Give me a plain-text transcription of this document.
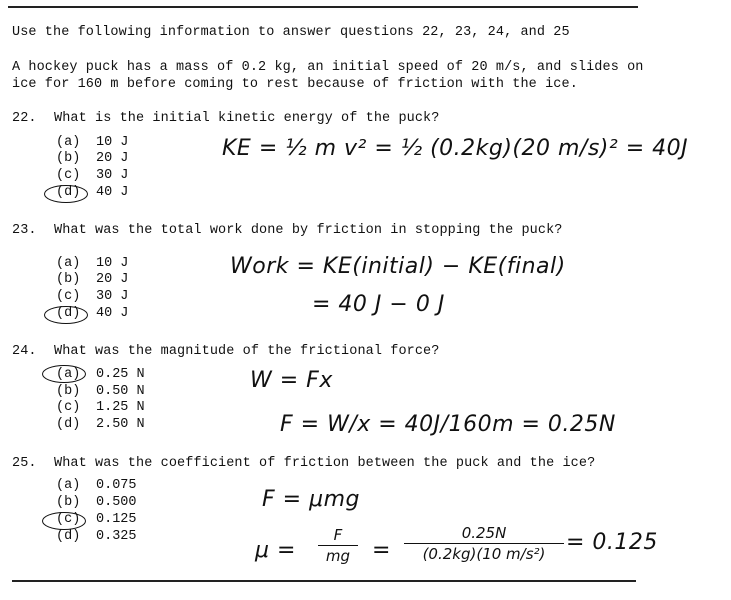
Use the following information to answer questions 22, 23, 24, and 25
A hockey puck has a mass of 0.2 kg, an initial speed of 20 m/s, and slides on
ice for 160 m before coming to rest because of friction with the ice.
22. What is the initial kinetic energy of the puck?
(a) 10 J
(b) 20 J
(c) 30 J
(d) 40 J
KE = ½ m v² = ½ (0.2kg)(20 m/s)² = 40J
23. What was the total work done by friction in stopping the puck?
(a) 10 J
(b) 20 J
(c) 30 J
(d) 40 J
Work = KE(initial) − KE(final)
= 40 J − 0 J
24. What was the magnitude of the frictional force?
(a) 0.25 N
(b) 0.50 N
(c) 1.25 N
(d) 2.50 N
W = Fx
F = W/x = 40J/160m = 0.25N
25. What was the coefficient of friction between the puck and the ice?
(a) 0.075
(b) 0.500
(c) 0.125
(d) 0.325
F = μmg
μ =
F
mg =
0.25N
(0.2kg)(10 m/s²) = 0.125
